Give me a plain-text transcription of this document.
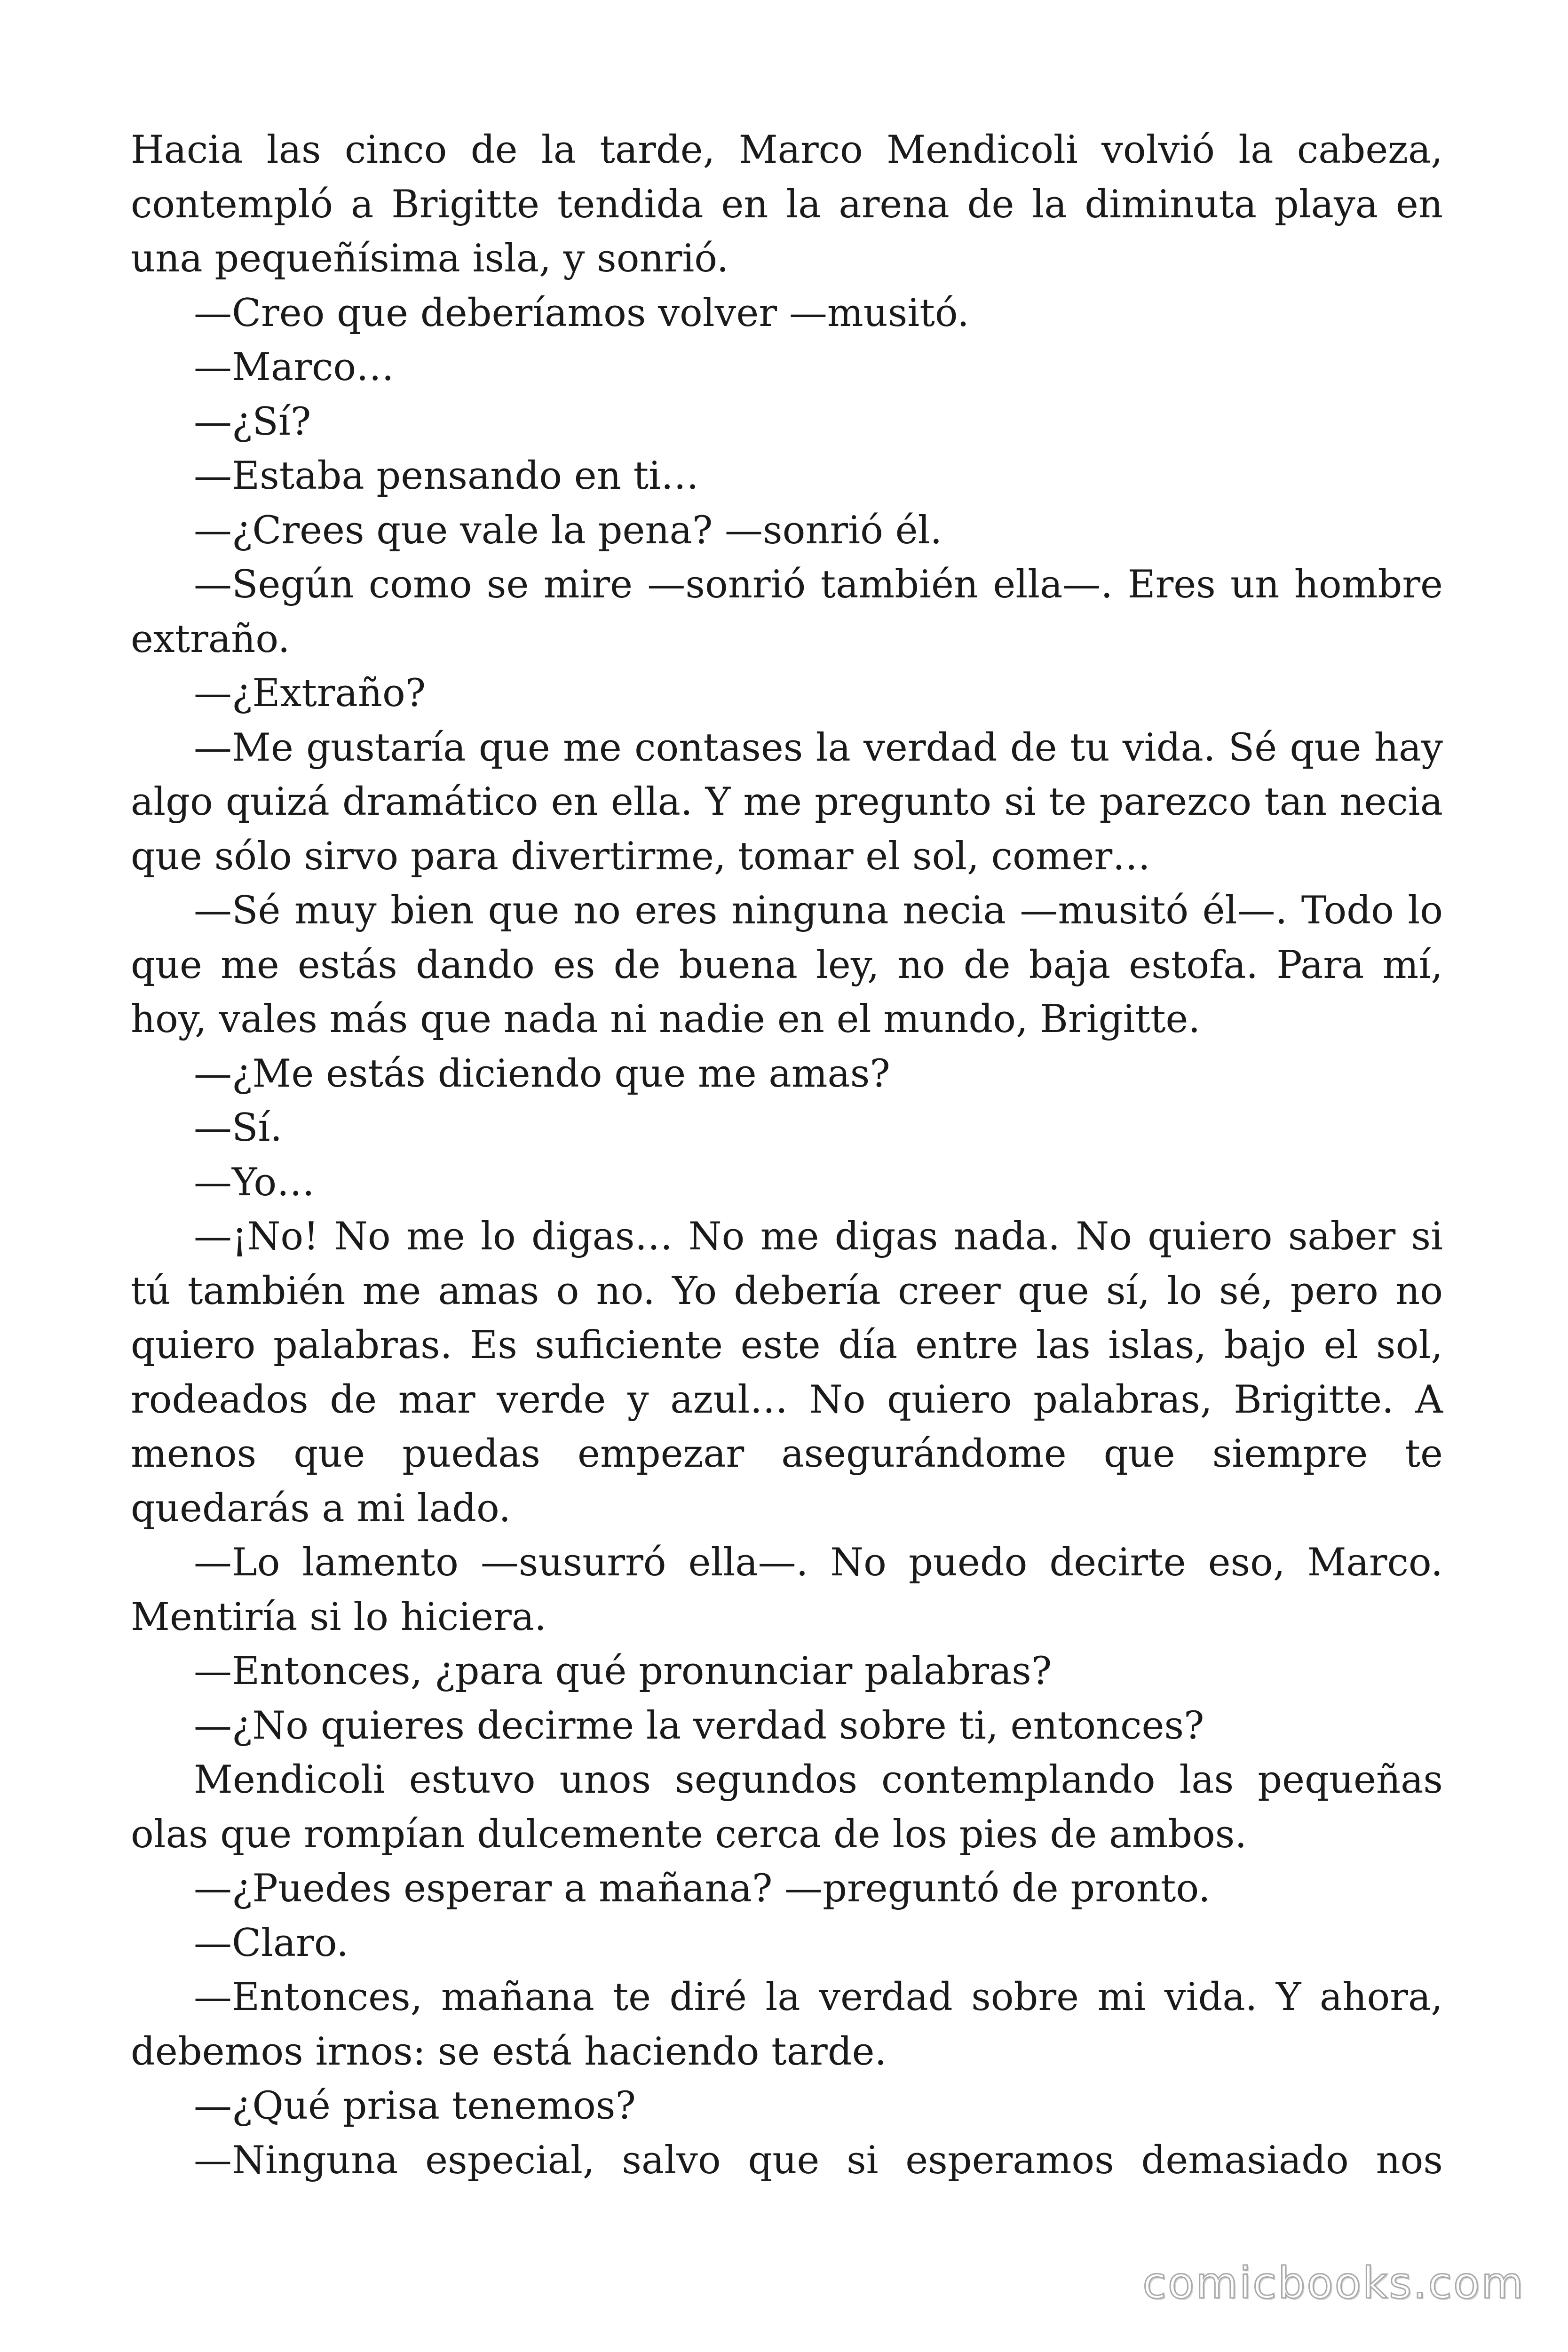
Hacia las cinco de la tarde, Marco Mendicoli volvió la cabeza, contempló a Brigitte tendida en la arena de la diminuta playa en una pequeñísima isla, y sonrió.

—Creo que deberíamos volver —musitó.

—Marco…

—¿Sí?

—Estaba pensando en ti…

—¿Crees que vale la pena? —sonrió él.

—Según como se mire —sonrió también ella—. Eres un hombre extraño.

—¿Extraño?

—Me gustaría que me contases la verdad de tu vida. Sé que hay algo quizá dramático en ella. Y me pregunto si te parezco tan necia que sólo sirvo para divertirme, tomar el sol, comer…

—Sé muy bien que no eres ninguna necia —musitó él—. Todo lo que me estás dando es de buena ley, no de baja estofa. Para mí, hoy, vales más que nada ni nadie en el mundo, Brigitte.

—¿Me estás diciendo que me amas?

—Sí.

—Yo…

—¡No! No me lo digas… No me digas nada. No quiero saber si tú también me amas o no. Yo debería creer que sí, lo sé, pero no quiero palabras. Es suficiente este día entre las islas, bajo el sol, rodeados de mar verde y azul… No quiero palabras, Brigitte. A menos que puedas empezar asegurándome que siempre te quedarás a mi lado.

—Lo lamento —susurró ella—. No puedo decirte eso, Marco. Mentiría si lo hiciera.

—Entonces, ¿para qué pronunciar palabras?

—¿No quieres decirme la verdad sobre ti, entonces?

Mendicoli estuvo unos segundos contemplando las pequeñas olas que rompían dulcemente cerca de los pies de ambos.

—¿Puedes esperar a mañana? —preguntó de pronto.

—Claro.

—Entonces, mañana te diré la verdad sobre mi vida. Y ahora, debemos irnos: se está haciendo tarde.

—¿Qué prisa tenemos?

—Ninguna especial, salvo que si esperamos demasiado nos

comicbooks.com
